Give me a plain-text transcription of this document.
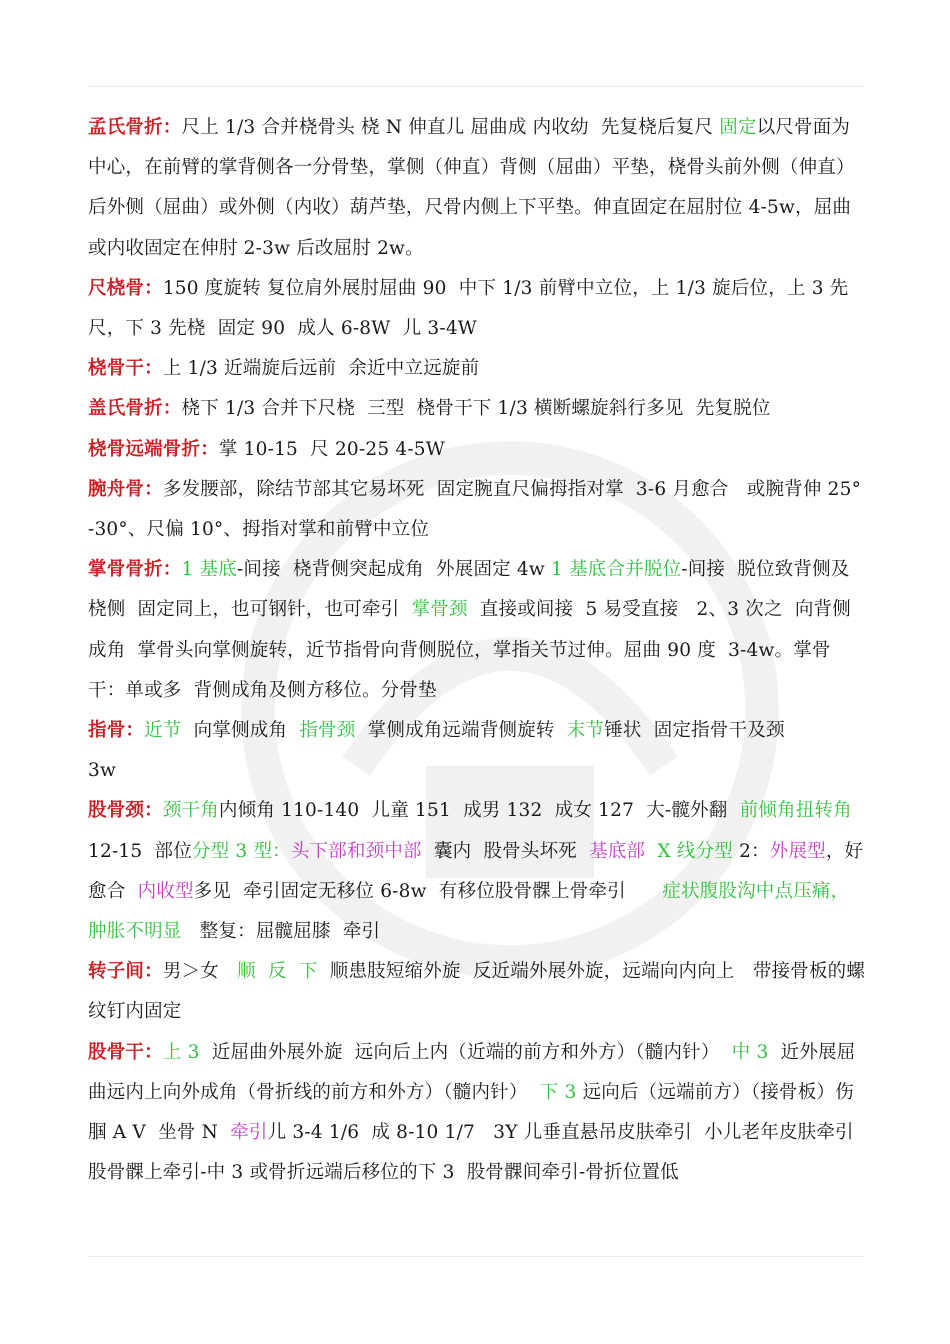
孟氏骨折：尺上 1/3 合并桡骨头 桡 N 伸直儿 屈曲成 内收幼  先复桡后复尺 固定以尺骨面为中心，在前臂的掌背侧各一分骨垫，掌侧（伸直）背侧（屈曲）平垫，桡骨头前外侧（伸直）后外侧（屈曲）或外侧（内收）葫芦垫，尺骨内侧上下平垫。伸直固定在屈肘位 4-5w，屈曲或内收固定在伸肘 2-3w 后改屈肘 2w。

尺桡骨：150 度旋转 复位肩外展肘屈曲 90  中下 1/3 前臂中立位，上 1/3 旋后位，上 3 先尺，下 3 先桡  固定 90  成人 6-8W  儿 3-4W

桡骨干：上 1/3 近端旋后远前  余近中立远旋前

盖氏骨折：桡下 1/3 合并下尺桡  三型  桡骨干下 1/3 横断螺旋斜行多见  先复脱位

桡骨远端骨折：掌 10-15  尺 20-25 4-5W

腕舟骨：多发腰部，除结节部其它易坏死  固定腕直尺偏拇指对掌  3-6 月愈合   或腕背伸 25°-30°、尺偏 10°、拇指对掌和前臂中立位

掌骨骨折：1 基底-间接  桡背侧突起成角  外展固定 4w 1 基底合并脱位-间接  脱位致背侧及桡侧  固定同上，也可钢针，也可牵引  掌骨颈  直接或间接  5 易受直接   2、3 次之  向背侧成角  掌骨头向掌侧旋转，近节指骨向背侧脱位，掌指关节过伸。屈曲 90 度  3-4w。掌骨干：单或多  背侧成角及侧方移位。分骨垫

指骨：近节  向掌侧成角  指骨颈  掌侧成角远端背侧旋转  末节锤状  固定指骨干及颈                  3w

股骨颈：颈干角内倾角 110-140  儿童 151  成男 132  成女 127  大-髋外翻  前倾角扭转角 12-15  部位分型 3 型：头下部和颈中部  囊内  股骨头坏死  基底部 X 线分型 2：外展型，好愈合  内收型多见  牵引固定无移位 6-8w  有移位股骨髁上骨牵引      症状腹股沟中点压痛，肿胀不明显   整复：屈髋屈膝  牵引

转子间：男＞女   顺  反  下  顺患肢短缩外旋  反近端外展外旋，远端向内向上   带接骨板的螺纹钉内固定

股骨干：上 3  近屈曲外展外旋  远向后上内（近端的前方和外方）（髓内针）  中 3  近外展屈曲远内上向外成角（骨折线的前方和外方）（髓内针）  下 3 远向后（远端前方）（接骨板）伤腘 A V  坐骨 N  牵引儿 3-4 1/6  成 8-10 1/7   3Y 儿垂直悬吊皮肤牵引  小儿老年皮肤牵引  股骨髁上牵引-中 3 或骨折远端后移位的下 3  股骨髁间牵引-骨折位置低
